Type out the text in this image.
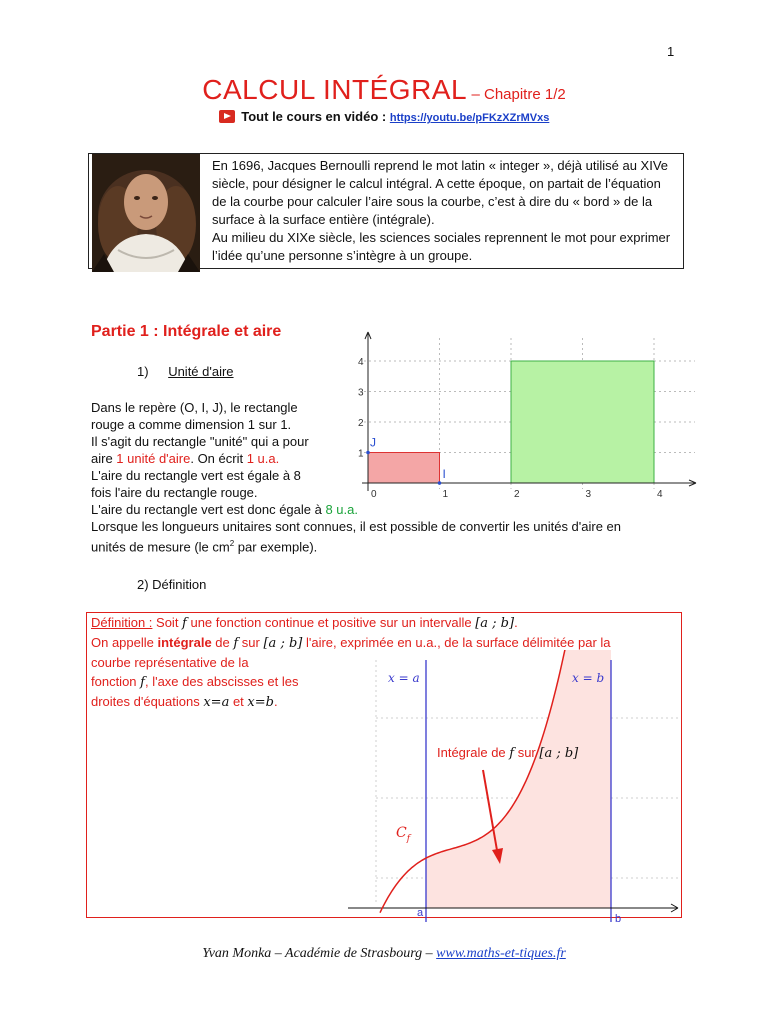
1
CALCUL INTÉGRAL – Chapitre 1/2
Tout le cours en vidéo : https://youtu.be/pFKzXZrMVxs
En 1696, Jacques Bernoulli reprend le mot latin « integer », déjà utilisé au XIVe siècle, pour désigner le calcul intégral. A cette époque, on partait de l’équation de la courbe pour calculer l’aire sous la courbe, c’est à dire du « bord » de la surface à la surface entière (intégrale).
Au milieu du XIXe siècle, les sciences sociales reprennent le mot pour exprimer l’idée qu’une personne s’intègre à un groupe.
Partie 1 : Intégrale et aire
1) Unité d'aire
Dans le repère (O, I, J), le rectangle
rouge a comme dimension 1 sur 1.
Il s'agit du rectangle "unité" qui a pour
aire 1 unité d'aire. On écrit 1 u.a.
L'aire du rectangle vert est égale à 8
fois l'aire du rectangle rouge.
L'aire du rectangle vert est donc égale à 8 u.a.
Lorsque les longueurs unitaires sont connues, il est possible de convertir les unités d'aire en
unités de mesure (le $cm^2$ par exemple).
0	1	2	3	4
1
2
3
4
J
I
2) Définition
Définition : Soit f une fonction continue et positive sur un intervalle [a ; b].
On appelle intégrale de f sur [a ; b] l'aire, exprimée en u.a., de la surface délimitée par la
courbe représentative de la
fonction f, l'axe des abscisses et les
droites d'équations x=a et x=b.
x = a	x = b
$C_f$
Intégrale de f sur [a ; b]
a	b
Yvan Monka – Académie de Strasbourg – www.maths-et-tiques.fr
